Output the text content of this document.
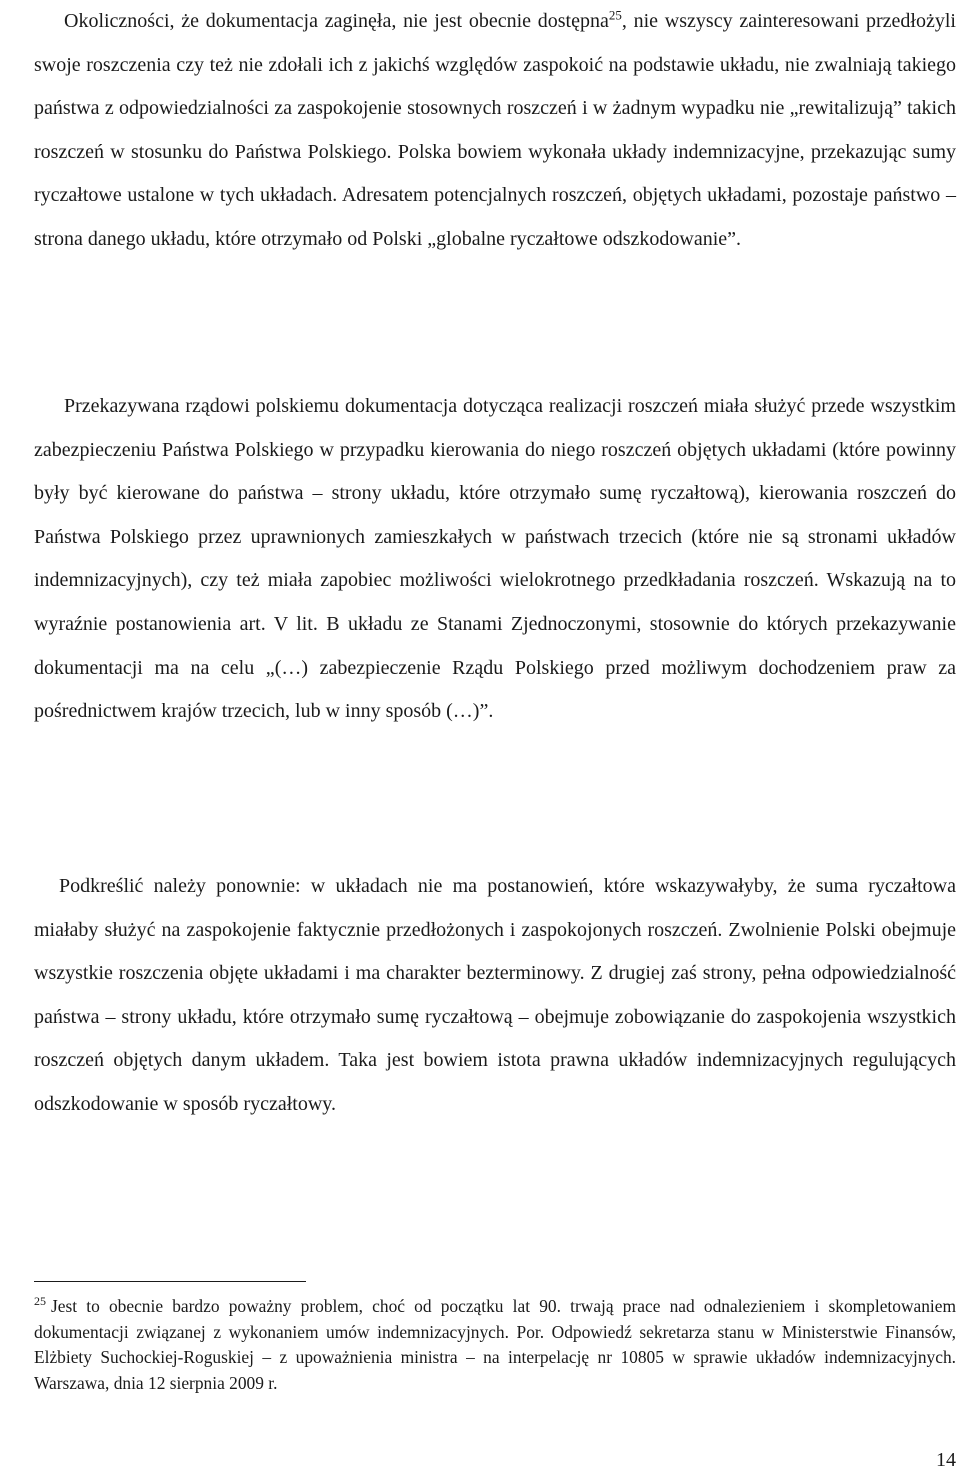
Okoliczności, że dokumentacja zaginęła, nie jest obecnie dostępna$^{25}$, nie wszyscy zainteresowani przedłożyli swoje roszczenia czy też nie zdołali ich z jakichś względów zaspokoić na podstawie układu, nie zwalniają takiego państwa z odpowiedzialności za zaspokojenie stosownych roszczeń i w żadnym wypadku nie „rewitalizują” takich roszczeń w stosunku do Państwa Polskiego. Polska bowiem wykonała układy indemnizacyjne, przekazując sumy ryczałtowe ustalone w tych układach. Adresatem potencjalnych roszczeń, objętych układami, pozostaje państwo – strona danego układu, które otrzymało od Polski „globalne ryczałtowe odszkodowanie”.

Przekazywana rządowi polskiemu dokumentacja dotycząca realizacji roszczeń miała służyć przede wszystkim zabezpieczeniu Państwa Polskiego w przypadku kierowania do niego roszczeń objętych układami (które powinny były być kierowane do państwa – strony układu, które otrzymało sumę ryczałtową), kierowania roszczeń do Państwa Polskiego przez uprawnionych zamieszkałych w państwach trzecich (które nie są stronami układów indemnizacyjnych), czy też miała zapobiec możliwości wielokrotnego przedkładania roszczeń. Wskazują na to wyraźnie postanowienia art. V lit. B układu ze Stanami Zjednoczonymi, stosownie do których przekazywanie dokumentacji ma na celu „(…) zabezpieczenie Rządu Polskiego przed możliwym dochodzeniem praw za pośrednictwem krajów trzecich, lub w inny sposób (…)”.

Podkreślić należy ponownie: w układach nie ma postanowień, które wskazywałyby, że suma ryczałtowa miałaby służyć na zaspokojenie faktycznie przedłożonych i zaspokojonych roszczeń. Zwolnienie Polski obejmuje wszystkie roszczenia objęte układami i ma charakter bezterminowy. Z drugiej zaś strony, pełna odpowiedzialność państwa – strony układu, które otrzymało sumę ryczałtową – obejmuje zobowiązanie do zaspokojenia wszystkich roszczeń objętych danym układem. Taka jest bowiem istota prawna układów indemnizacyjnych regulujących odszkodowanie w sposób ryczałtowy.

$^{25}$ Jest to obecnie bardzo poważny problem, choć od początku lat 90. trwają prace nad odnalezieniem i skompletowaniem dokumentacji związanej z wykonaniem umów indemnizacyjnych. Por. Odpowiedź sekretarza stanu w Ministerstwie Finansów, Elżbiety Suchockiej-Roguskiej – z upoważnienia ministra – na interpelację nr 10805 w sprawie układów indemnizacyjnych. Warszawa, dnia 12 sierpnia 2009 r.

14
